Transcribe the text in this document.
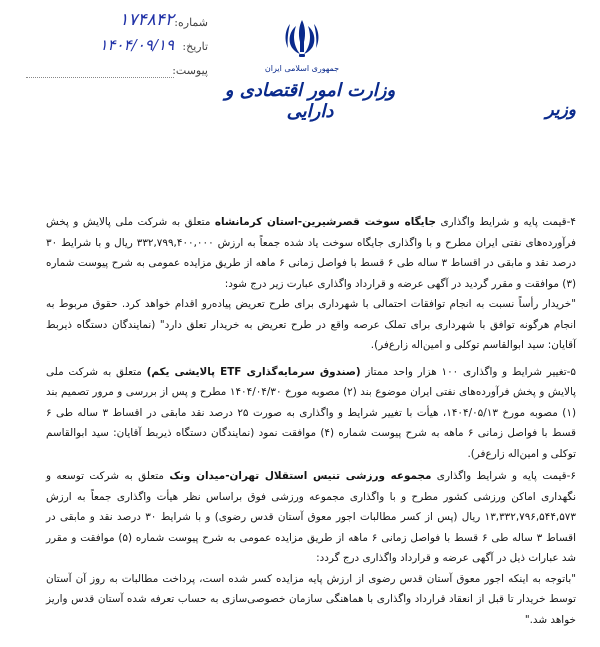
شماره:
۱۷۴۸۴۲
تاریخ:
۱۴۰۴/۰۹/۱۹
پیوست:	جمهوری اسلامی ایران
وزارت امور اقتصادی و دارایی	وزیر

۴-قیمت پایه و شرایط واگذاری جایگاه سوخت قصرشیرین-استان کرمانشاه متعلق به شرکت ملی پالایش و پخش فرآورده‌های نفتی ایران مطرح و با واگذاری جایگاه سوخت یاد شده جمعاً به ارزش ۳۳۲,۷۹۹,۴۰۰,۰۰۰ ریال و با شرایط ۳۰ درصد نقد و مابقی در اقساط ۳ ساله طی ۶ قسط با فواصل زمانی ۶ ماهه از طریق مزایده عمومی به شرح پیوست شماره (۳) موافقت و مقرر گردید در آگهی عرضه و قرارداد واگذاری عبارت زیر درج شود:

"خریدار رأساً نسبت به انجام توافقات احتمالی با شهرداری برای طرح تعریض پیاده‌رو اقدام خواهد کرد. حقوق مربوط به انجام هرگونه توافق با شهرداری برای تملک عرصه واقع در طرح تعریض به خریدار تعلق دارد" (نمایندگان دستگاه ذیربط آقایان: سید ابوالقاسم توکلی و امین‌اله زارع‌فر).

۵-تغییر شرایط و واگذاری ۱۰۰ هزار واحد ممتاز (صندوق سرمایه‌گذاری ETF پالایشی یکم) متعلق به شرکت ملی پالایش و پخش فرآورده‌های نفتی ایران موضوع بند (۲) مصوبه مورخ ۱۴۰۴/۰۴/۳۰ مطرح و پس از بررسی و مرور تصمیم بند (۱) مصوبه مورخ ۱۴۰۴/۰۵/۱۳، هیأت با تغییر شرایط و واگذاری به صورت ۲۵ درصد نقد مابقی در اقساط ۳ ساله طی ۶ قسط با فواصل زمانی ۶ ماهه به شرح پیوست شماره (۴) موافقت نمود (نمایندگان دستگاه ذیربط آقایان: سید ابوالقاسم توکلی و امین‌اله زارع‌فر).

۶-قیمت پایه و شرایط واگذاری مجموعه ورزشی تنیس استقلال تهران-میدان ونک متعلق به شرکت توسعه و نگهداری اماکن ورزشی کشور مطرح و با واگذاری مجموعه ورزشی فوق براساس نظر هیأت واگذاری جمعاً به ارزش ۱۳,۳۳۲,۷۹۶,۵۴۴,۵۷۳ ریال (پس از کسر مطالبات اجور معوق آستان قدس رضوی) و با شرایط ۳۰ درصد نقد و مابقی در اقساط ۳ ساله طی ۶ قسط با فواصل زمانی ۶ ماهه از طریق مزایده عمومی به شرح پیوست شماره (۵) موافقت و مقرر شد عبارات ذیل در آگهی عرضه و قرارداد واگذاری درج گردد:

"باتوجه به اینکه اجور معوق آستان قدس رضوی از ارزش پایه مزایده کسر شده است، پرداخت مطالبات به روز آن آستان توسط خریدار تا قبل از انعقاد قرارداد واگذاری با هماهنگی سازمان خصوصی‌سازی به حساب تعرفه شده آستان قدس واریز خواهد شد."
